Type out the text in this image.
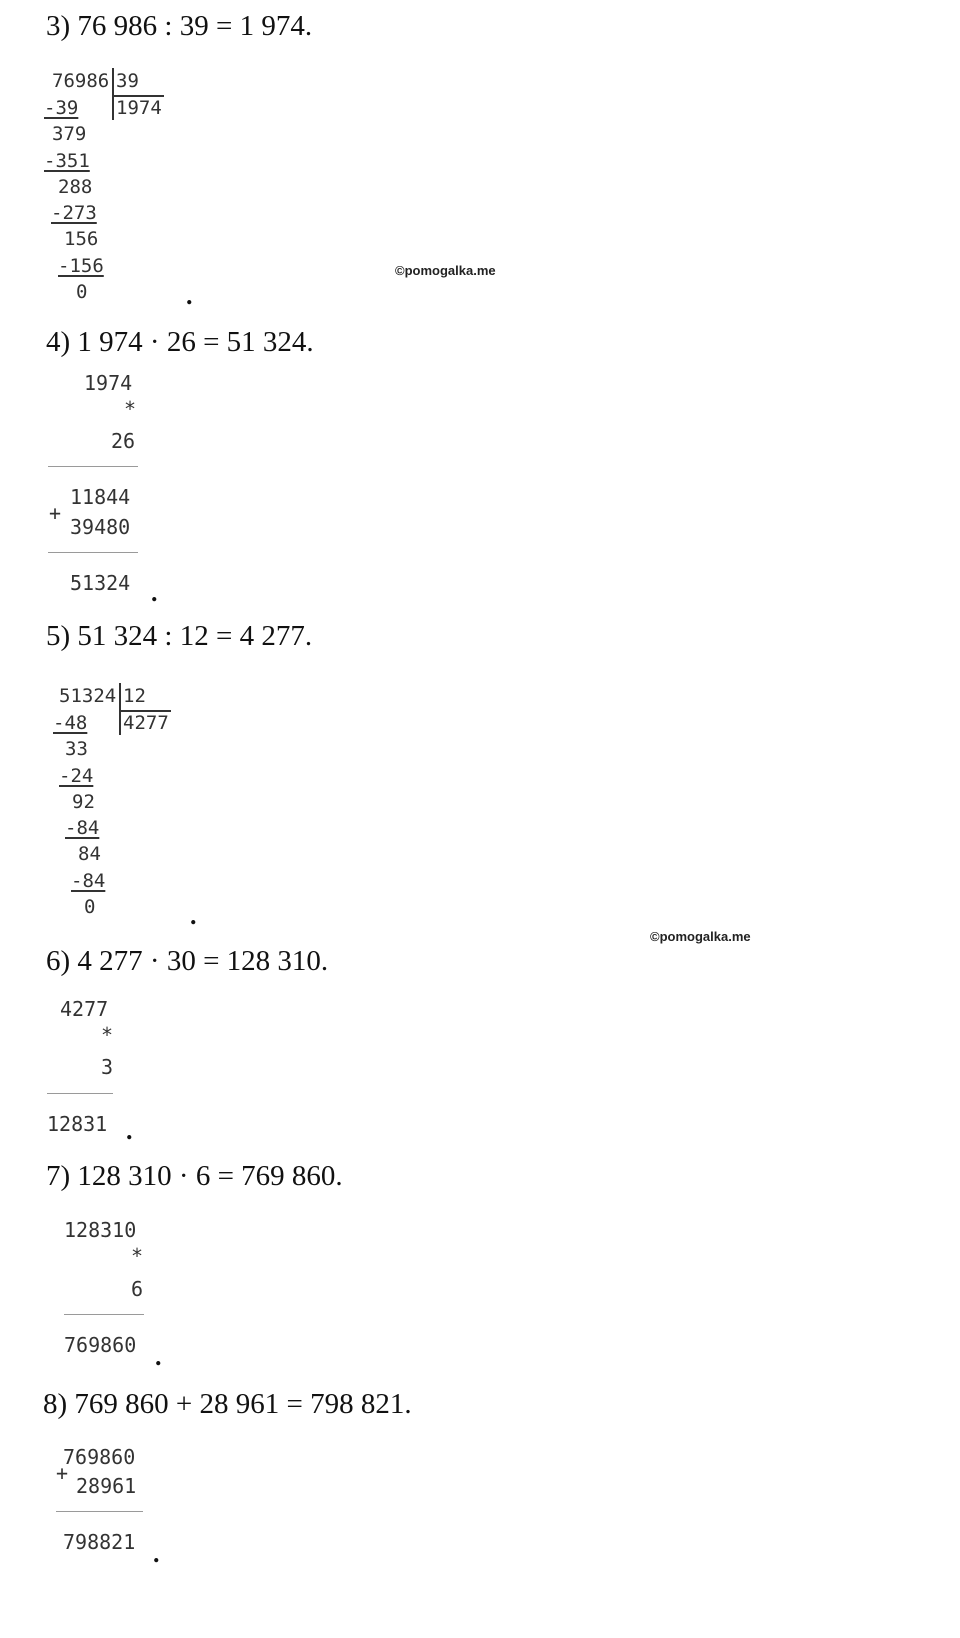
3) 76 986 : 39 = 1 974.
76986 39
1974
-39
379
-351
288
-273
156
-156
0
©pomogalka.me
.
4) 1 974 · 26 = 51 324.
1974
*
26
11844
+
39480
51324 .
5) 51 324 : 12 = 4 277.
51324 12
4277
-48
33
-24
92
-84
84
-84
0	.
©pomogalka.me
6) 4 277 · 30 = 128 310.
4277
*
3
12831 .
7) 128 310 · 6 = 769 860.
128310
*
6
769860 .
8) 769 860 + 28 961 = 798 821.
769860
+
28961
798821 .
